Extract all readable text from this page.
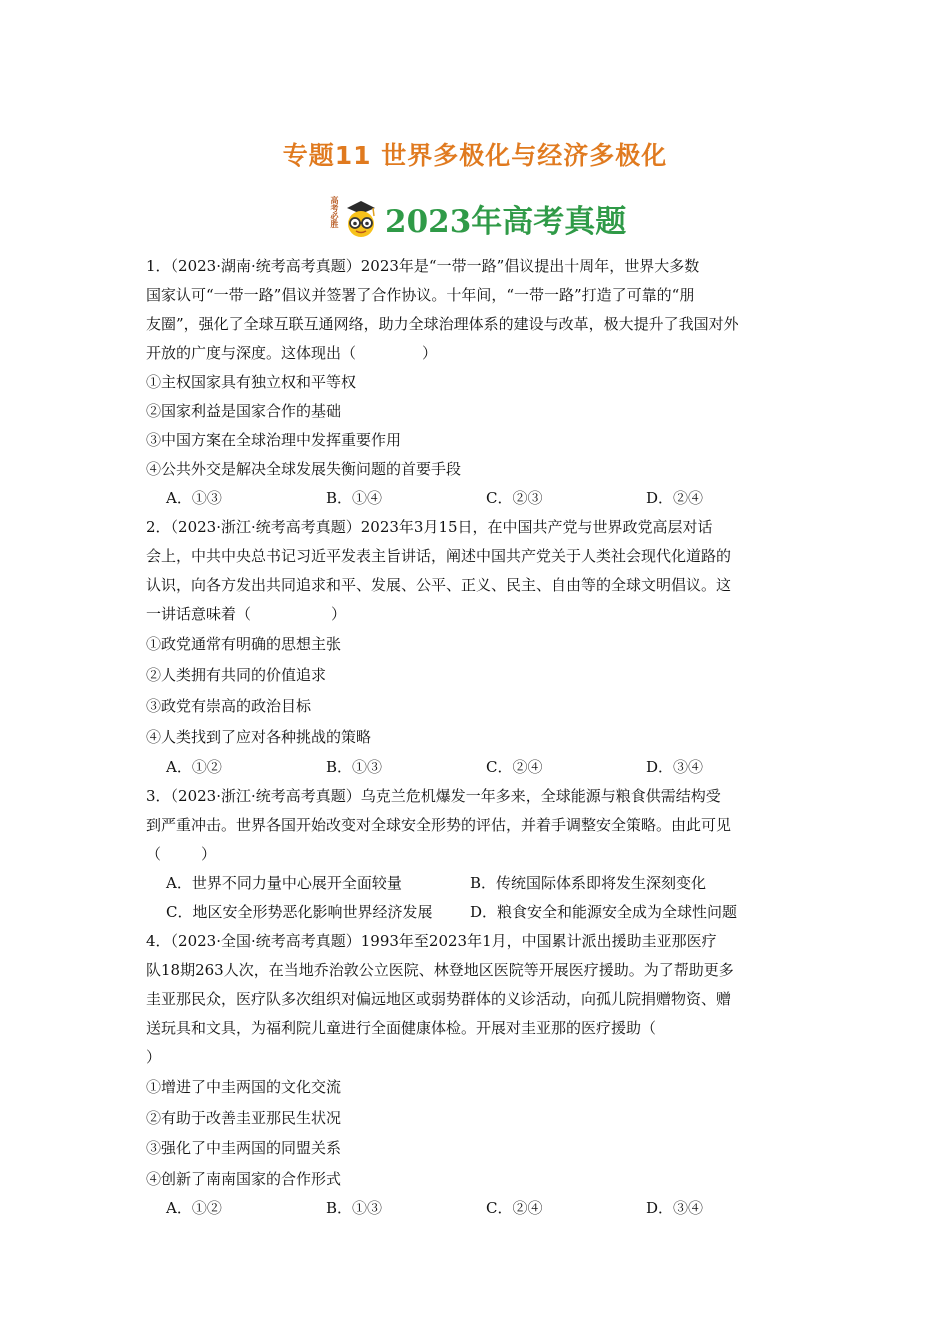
专题11 世界多极化与经济多极化
高考必胜 2023年高考真题

1．（2023·湖南·统考高考真题）2023年是“一带一路”倡议提出十周年，世界大多数

国家认可“一带一路”倡议并签署了合作协议。十年间，“一带一路”打造了可靠的“朋

友圈”，强化了全球互联互通网络，助力全球治理体系的建设与改革，极大提升了我国对外

开放的广度与深度。这体现出（	）

①主权国家具有独立权和平等权

②国家利益是国家合作的基础

③中国方案在全球治理中发挥重要作用

④公共外交是解决全球发展失衡问题的首要手段

A．①③	B．①④	C．②③	D．②④

2．（2023·浙江·统考高考真题）2023年3月15日，在中国共产党与世界政党高层对话

会上，中共中央总书记习近平发表主旨讲话，阐述中国共产党关于人类社会现代化道路的

认识，向各方发出共同追求和平、发展、公平、正义、民主、自由等的全球文明倡议。这

一讲话意味着（	）

①政党通常有明确的思想主张

②人类拥有共同的价值追求

③政党有崇高的政治目标

④人类找到了应对各种挑战的策略

A．①②	B．①③	C．②④	D．③④

3．（2023·浙江·统考高考真题）乌克兰危机爆发一年多来，全球能源与粮食供需结构受

到严重冲击。世界各国开始改变对全球安全形势的评估，并着手调整安全策略。由此可见

（	）

A．世界不同力量中心展开全面较量	B．传统国际体系即将发生深刻变化
C．地区安全形势恶化影响世界经济发展	D．粮食安全和能源安全成为全球性问题

4．（2023·全国·统考高考真题）1993年至2023年1月，中国累计派出援助圭亚那医疗

队18期263人次，在当地乔治敦公立医院、林登地区医院等开展医疗援助。为了帮助更多

圭亚那民众，医疗队多次组织对偏远地区或弱势群体的义诊活动，向孤儿院捐赠物资、赠

送玩具和文具，为福利院儿童进行全面健康体检。开展对圭亚那的医疗援助（

）

①增进了中圭两国的文化交流

②有助于改善圭亚那民生状况

③强化了中圭两国的同盟关系

④创新了南南国家的合作形式

A．①②	B．①③	C．②④	D．③④
